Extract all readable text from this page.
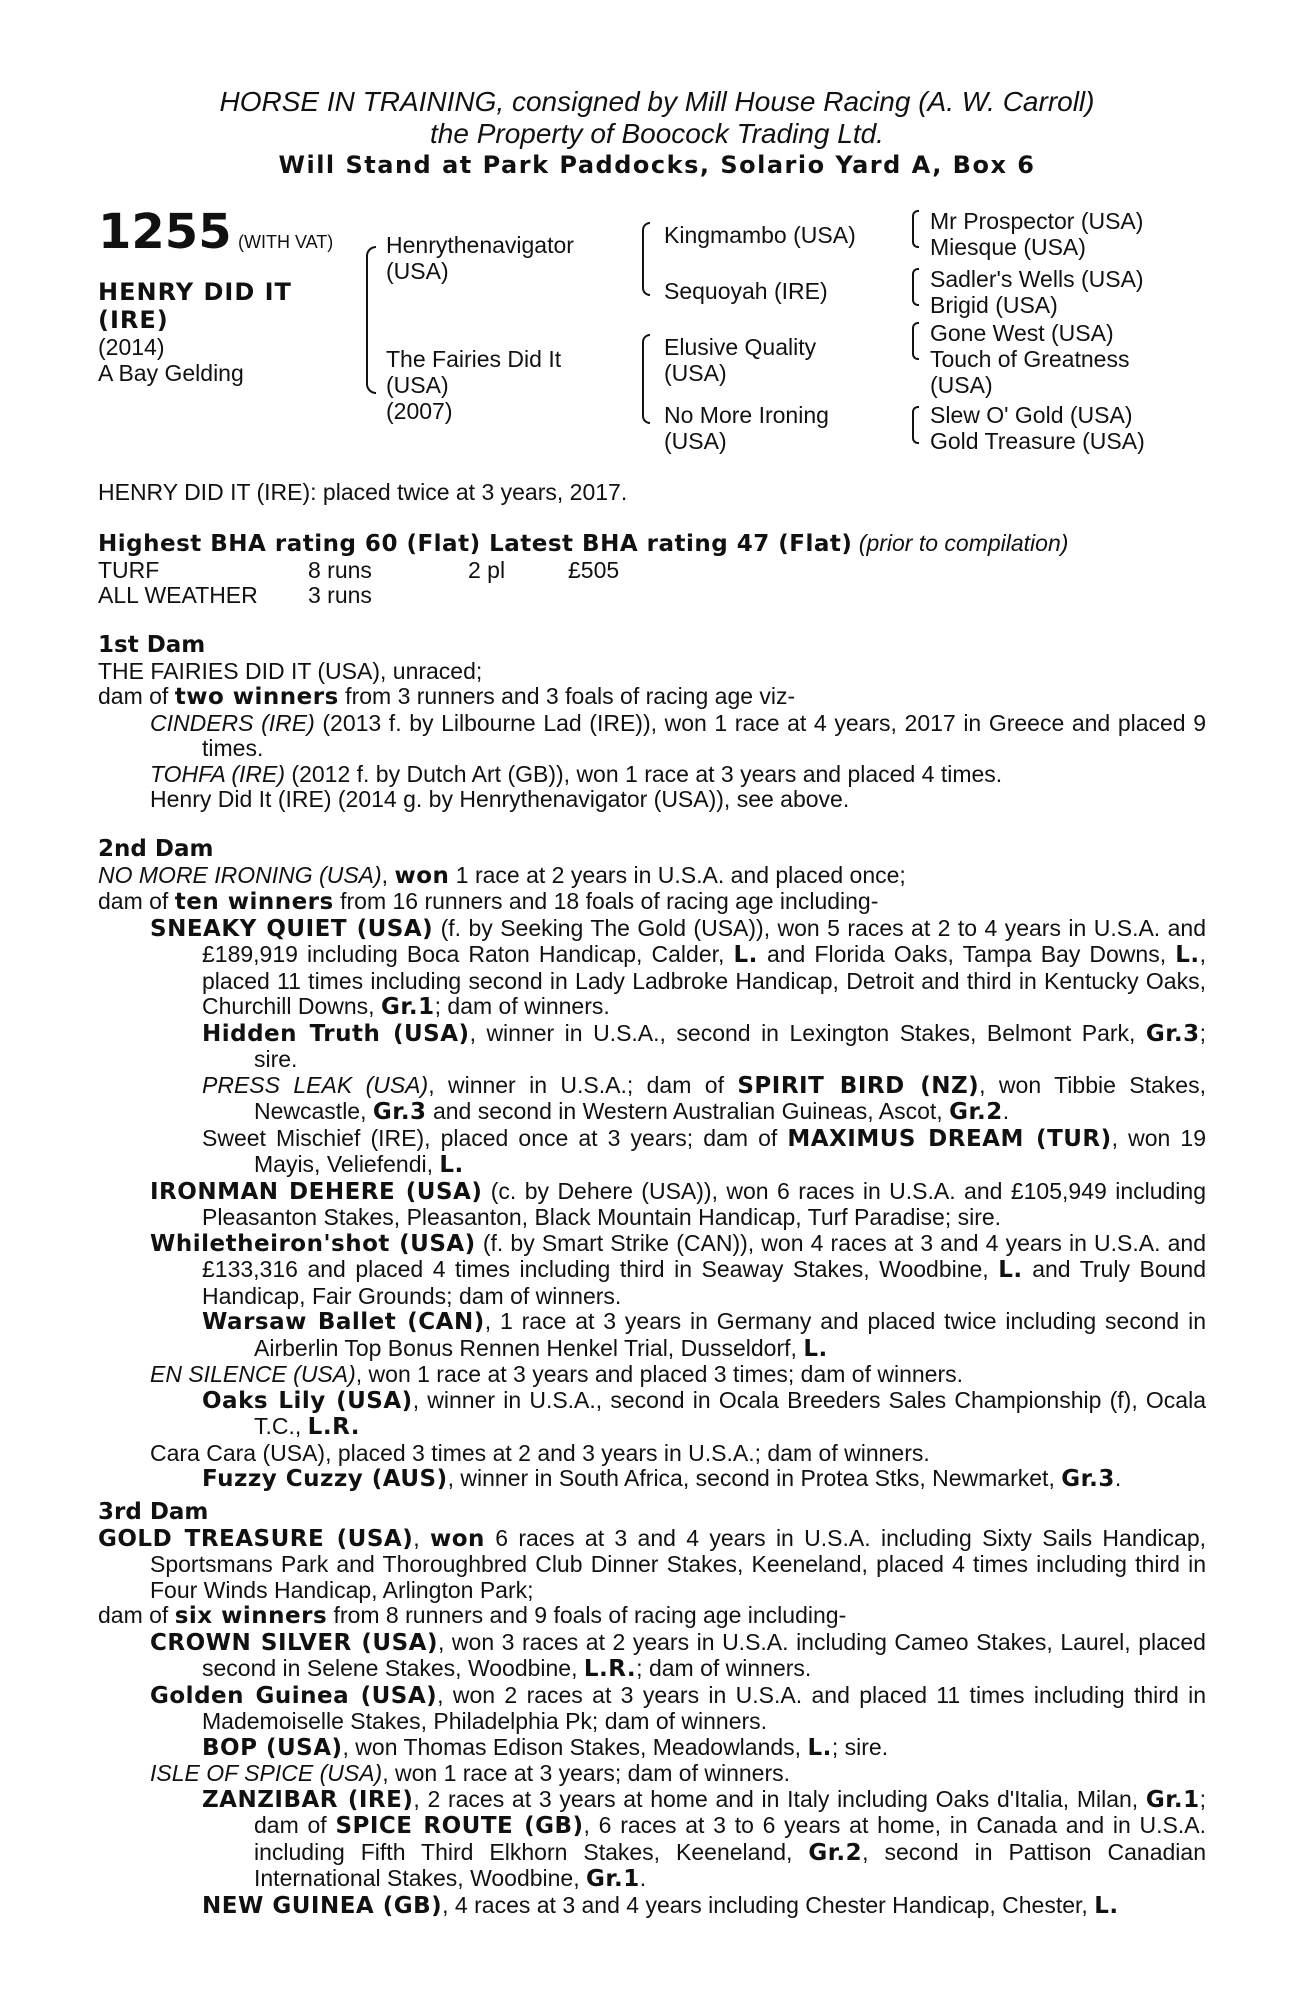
HORSE IN TRAINING, consigned by Mill House Racing (A. W. Carroll)
the Property of Boocock Trading Ltd.
Will Stand at Park Paddocks, Solario Yard A, Box 6
1255 (WITH VAT)
HENRY DID IT
(IRE)
(2014)
A Bay Gelding
Henrythenavigator
(USA)
The Fairies Did It
(USA)
(2007)
Kingmambo (USA)
Sequoyah (IRE)
Elusive Quality
(USA)
No More Ironing
(USA)
Mr Prospector (USA)
Miesque (USA)
Sadler's Wells (USA)
Brigid (USA)
Gone West (USA)
Touch of Greatness
(USA)
Slew O' Gold (USA)
Gold Treasure (USA)

HENRY DID IT (IRE): placed twice at 3 years, 2017.

Highest BHA rating 60 (Flat) Latest BHA rating 47 (Flat) (prior to compilation)

TURF	8 runs	2 pl	£505
ALL WEATHER 3 runs
1st Dam

THE FAIRIES DID IT (USA), unraced;

dam of two winners from 3 runners and 3 foals of racing age viz-

CINDERS (IRE) (2013 f. by Lilbourne Lad (IRE)), won 1 race at 4 years, 2017 in Greece and placed 9 times.

TOHFA (IRE) (2012 f. by Dutch Art (GB)), won 1 race at 3 years and placed 4 times.

Henry Did It (IRE) (2014 g. by Henrythenavigator (USA)), see above.

2nd Dam

NO MORE IRONING (USA), won 1 race at 2 years in U.S.A. and placed once;

dam of ten winners from 16 runners and 18 foals of racing age including-

SNEAKY QUIET (USA) (f. by Seeking The Gold (USA)), won 5 races at 2 to 4 years in U.S.A. and £189,919 including Boca Raton Handicap, Calder, L. and Florida Oaks, Tampa Bay Downs, L., placed 11 times including second in Lady Ladbroke Handicap, Detroit and third in Kentucky Oaks, Churchill Downs, Gr.1; dam of winners.

Hidden Truth (USA), winner in U.S.A., second in Lexington Stakes, Belmont Park, Gr.3; sire.

PRESS LEAK (USA), winner in U.S.A.; dam of SPIRIT BIRD (NZ), won Tibbie Stakes, Newcastle, Gr.3 and second in Western Australian Guineas, Ascot, Gr.2.

Sweet Mischief (IRE), placed once at 3 years; dam of MAXIMUS DREAM (TUR), won 19 Mayis, Veliefendi, L.

IRONMAN DEHERE (USA) (c. by Dehere (USA)), won 6 races in U.S.A. and £105,949 including Pleasanton Stakes, Pleasanton, Black Mountain Handicap, Turf Paradise; sire.

Whiletheiron'shot (USA) (f. by Smart Strike (CAN)), won 4 races at 3 and 4 years in U.S.A. and £133,316 and placed 4 times including third in Seaway Stakes, Woodbine, L. and Truly Bound Handicap, Fair Grounds; dam of winners.

Warsaw Ballet (CAN), 1 race at 3 years in Germany and placed twice including second in Airberlin Top Bonus Rennen Henkel Trial, Dusseldorf, L.

EN SILENCE (USA), won 1 race at 3 years and placed 3 times; dam of winners.

Oaks Lily (USA), winner in U.S.A., second in Ocala Breeders Sales Championship (f), Ocala T.C., L.R.

Cara Cara (USA), placed 3 times at 2 and 3 years in U.S.A.; dam of winners.

Fuzzy Cuzzy (AUS), winner in South Africa, second in Protea Stks, Newmarket, Gr.3.

3rd Dam

GOLD TREASURE (USA), won 6 races at 3 and 4 years in U.S.A. including Sixty Sails Handicap, Sportsmans Park and Thoroughbred Club Dinner Stakes, Keeneland, placed 4 times including third in Four Winds Handicap, Arlington Park;

dam of six winners from 8 runners and 9 foals of racing age including-

CROWN SILVER (USA), won 3 races at 2 years in U.S.A. including Cameo Stakes, Laurel, placed second in Selene Stakes, Woodbine, L.R.; dam of winners.

Golden Guinea (USA), won 2 races at 3 years in U.S.A. and placed 11 times including third in Mademoiselle Stakes, Philadelphia Pk; dam of winners.

BOP (USA), won Thomas Edison Stakes, Meadowlands, L.; sire.

ISLE OF SPICE (USA), won 1 race at 3 years; dam of winners.

ZANZIBAR (IRE), 2 races at 3 years at home and in Italy including Oaks d'Italia, Milan, Gr.1; dam of SPICE ROUTE (GB), 6 races at 3 to 6 years at home, in Canada and in U.S.A. including Fifth Third Elkhorn Stakes, Keeneland, Gr.2, second in Pattison Canadian International Stakes, Woodbine, Gr.1.

NEW GUINEA (GB), 4 races at 3 and 4 years including Chester Handicap, Chester, L.
